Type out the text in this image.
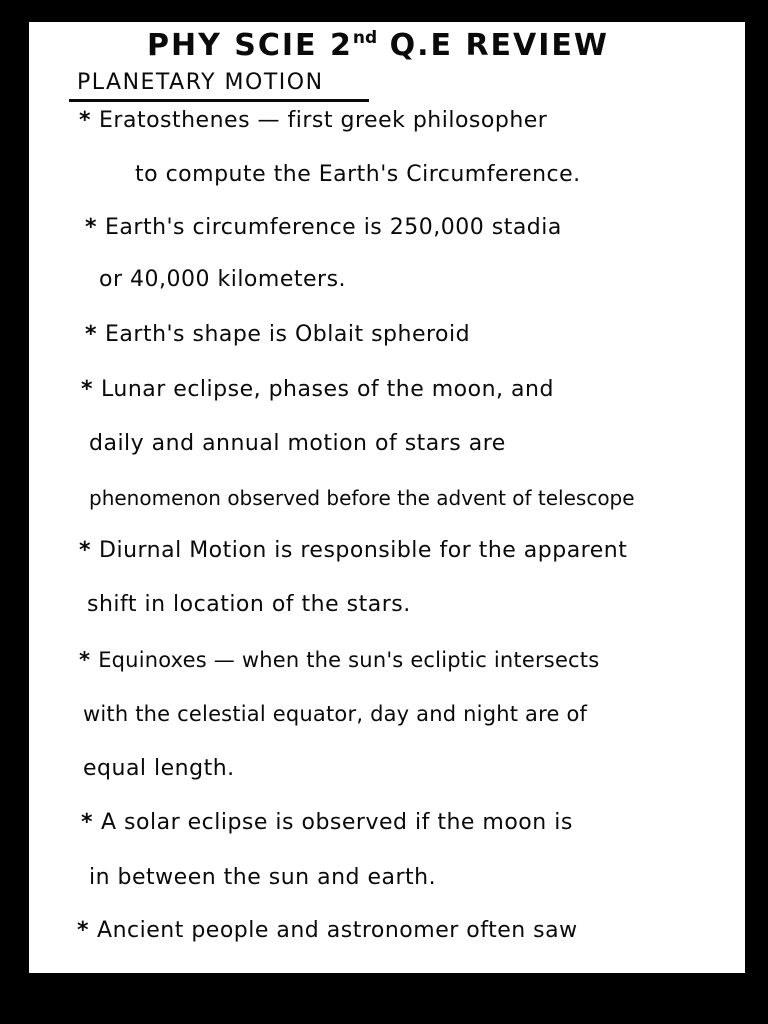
PHY SCIE 2nd Q.E REVIEW
PLANETARY MOTION
* Eratosthenes — first greek philosopher
to compute the Earth's Circumference.
* Earth's circumference is 250,000 stadia
or 40,000 kilometers.
* Earth's shape is Oblait spheroid
* Lunar eclipse, phases of the moon, and
daily and annual motion of stars are
phenomenon observed before the advent of telescope
* Diurnal Motion is responsible for the apparent
shift in location of the stars.
* Equinoxes — when the sun's ecliptic intersects
with the celestial equator, day and night are of
equal length.
* A solar eclipse is observed if the moon is
in between the sun and earth.
* Ancient people and astronomer often saw
